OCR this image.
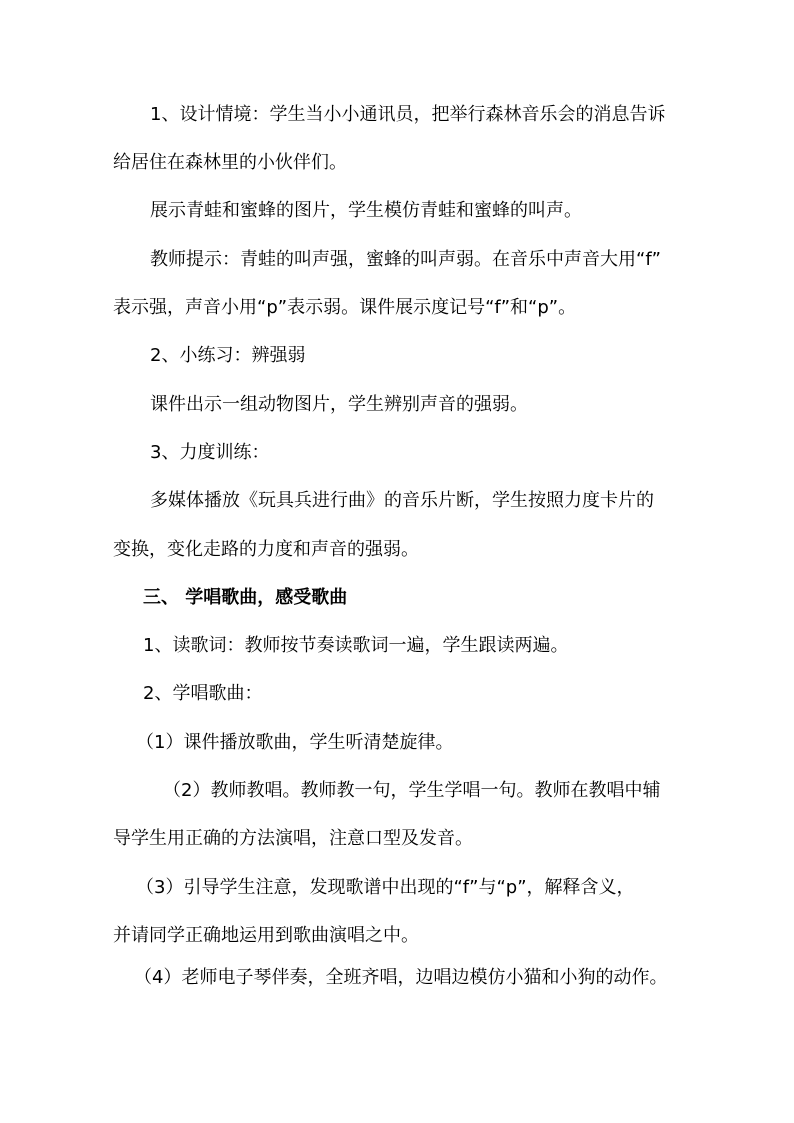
1、设计情境：学生当小小通讯员，把举行森林音乐会的消息告诉
给居住在森林里的小伙伴们。
展示青蛙和蜜蜂的图片，学生模仿青蛙和蜜蜂的叫声。
教师提示：青蛙的叫声强，蜜蜂的叫声弱。在音乐中声音大用“f”
表示强，声音小用“p”表示弱。课件展示度记号“f”和“p”。
2、小练习：辨强弱
课件出示一组动物图片，学生辨别声音的强弱。
3、力度训练：
多媒体播放《玩具兵进行曲》的音乐片断，学生按照力度卡片的
变换，变化走路的力度和声音的强弱。
三、 学唱歌曲，感受歌曲
1、读歌词：教师按节奏读歌词一遍，学生跟读两遍。
2、学唱歌曲：
（1）课件播放歌曲，学生听清楚旋律。
（2）教师教唱。教师教一句，学生学唱一句。教师在教唱中辅
导学生用正确的方法演唱，注意口型及发音。
（3）引导学生注意，发现歌谱中出现的“f”与“p”，解释含义，
并请同学正确地运用到歌曲演唱之中。
（4）老师电子琴伴奏，全班齐唱，边唱边模仿小猫和小狗的动作。
